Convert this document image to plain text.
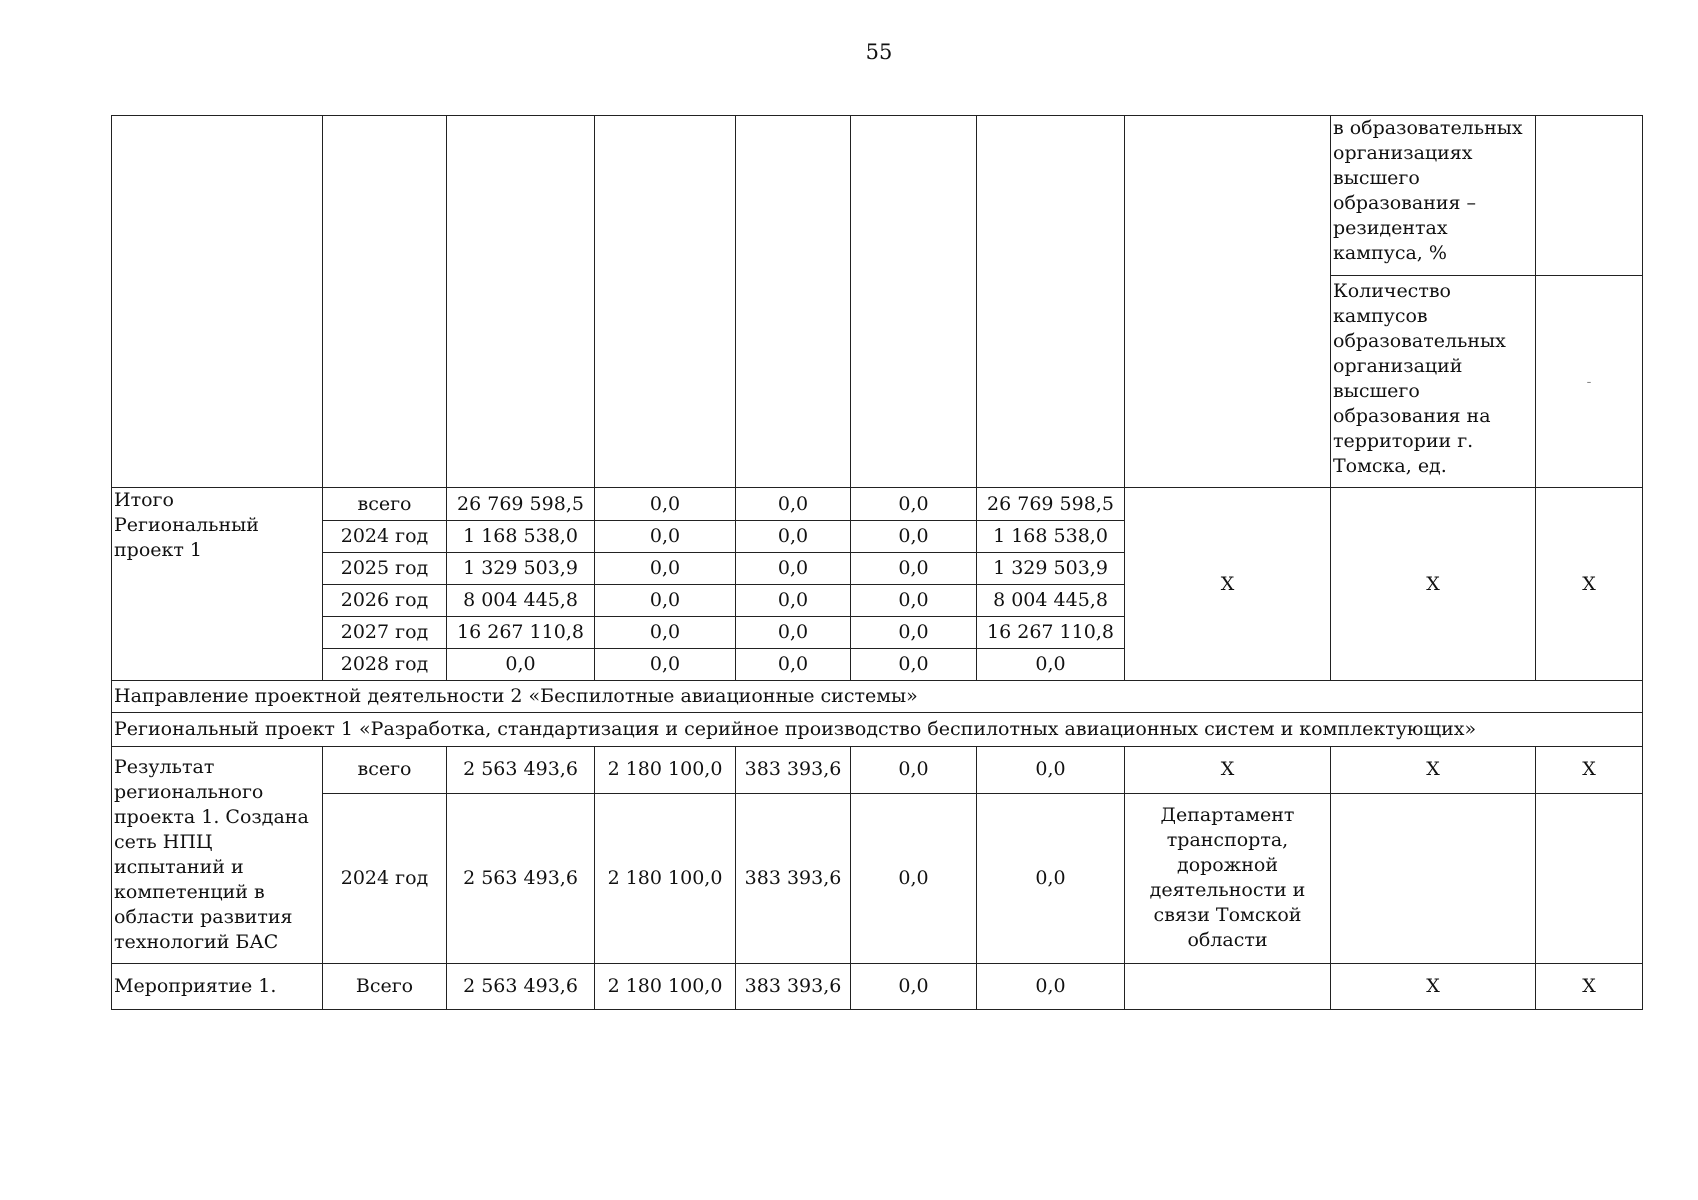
55
								в образовательных организациях высшего образования – резидентах кампуса, %	
								Количество кампусов образовательных организаций высшего образования на территории г. Томска, ед.	-
Итого Региональный проект 1	всего	26 769 598,5	0,0	0,0	0,0	26 769 598,5	X	X	X
	2024 год	1 168 538,0	0,0	0,0	0,0	1 168 538,0			
	2025 год	1 329 503,9	0,0	0,0	0,0	1 329 503,9			
	2026 год	8 004 445,8	0,0	0,0	0,0	8 004 445,8			
	2027 год	16 267 110,8	0,0	0,0	0,0	16 267 110,8			
	2028 год	0,0	0,0	0,0	0,0	0,0			
Направление проектной деятельности 2 «Беспилотные авиационные системы»									
Региональный проект 1 «Разработка, стандартизация и серийное производство беспилотных авиационных систем и комплектующих»									
Результат регионального проекта 1. Создана сеть НПЦ испытаний и компетенций в области развития технологий БАС	всего	2 563 493,6	2 180 100,0	383 393,6	0,0	0,0	X	X	X
	2024 год	2 563 493,6	2 180 100,0	383 393,6	0,0	0,0	Департамент транспорта, дорожной деятельности и связи Томской области		
Мероприятие 1.	Всего	2 563 493,6	2 180 100,0	383 393,6	0,0	0,0		X	X
